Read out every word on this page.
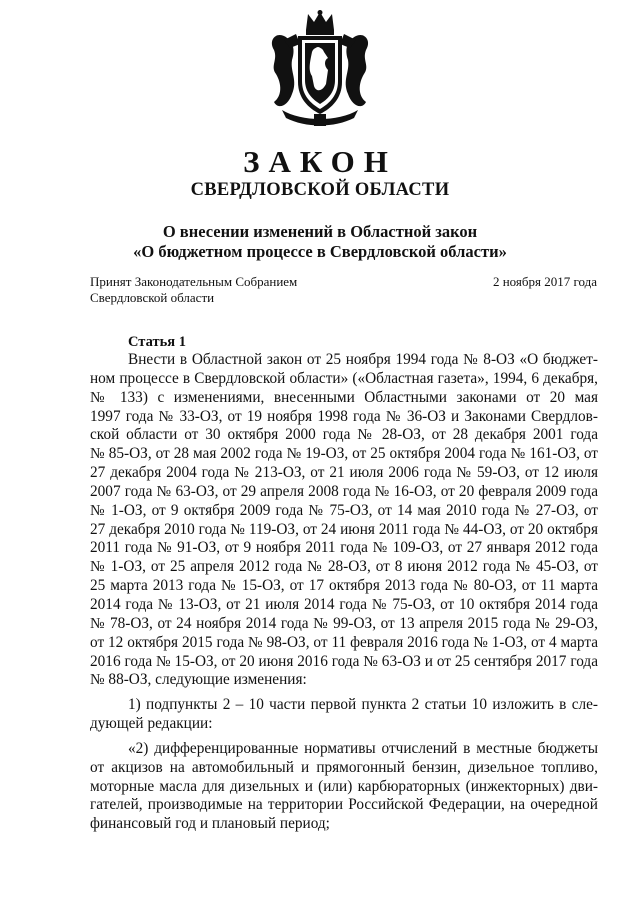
ЗАКОН
СВЕРДЛОВСКОЙ ОБЛАСТИ
О внесении изменений в Областной закон
«О бюджетном процессе в Свердловской области»
Принят Законодательным Собранием
Свердловской области
2 ноября 2017 года
Статья 1
Внести в Областной закон от 25 ноября 1994 года № 8-ОЗ «О бюджет-
ном процессе в Свердловской области» («Областная газета», 1994, 6 декабря,
№ 133) с изменениями, внесенными Областными законами от 20 мая
1997 года № 33-ОЗ, от 19 ноября 1998 года № 36-ОЗ и Законами Свердлов-
ской области от 30 октября 2000 года № 28-ОЗ, от 28 декабря 2001 года
№ 85-ОЗ, от 28 мая 2002 года № 19-ОЗ, от 25 октября 2004 года № 161-ОЗ, от
27 декабря 2004 года № 213-ОЗ, от 21 июля 2006 года № 59-ОЗ, от 12 июля
2007 года № 63-ОЗ, от 29 апреля 2008 года № 16-ОЗ, от 20 февраля 2009 года
№ 1-ОЗ, от 9 октября 2009 года № 75-ОЗ, от 14 мая 2010 года № 27-ОЗ, от
27 декабря 2010 года № 119-ОЗ, от 24 июня 2011 года № 44-ОЗ, от 20 октября
2011 года № 91-ОЗ, от 9 ноября 2011 года № 109-ОЗ, от 27 января 2012 года
№ 1-ОЗ, от 25 апреля 2012 года № 28-ОЗ, от 8 июня 2012 года № 45-ОЗ, от
25 марта 2013 года № 15-ОЗ, от 17 октября 2013 года № 80-ОЗ, от 11 марта
2014 года № 13-ОЗ, от 21 июля 2014 года № 75-ОЗ, от 10 октября 2014 года
№ 78-ОЗ, от 24 ноября 2014 года № 99-ОЗ, от 13 апреля 2015 года № 29-ОЗ,
от 12 октября 2015 года № 98-ОЗ, от 11 февраля 2016 года № 1-ОЗ, от 4 марта
2016 года № 15-ОЗ, от 20 июня 2016 года № 63-ОЗ и от 25 сентября 2017 года
№ 88-ОЗ, следующие изменения:
1) подпункты 2 – 10 части первой пункта 2 статьи 10 изложить в сле-
дующей редакции:
«2) дифференцированные нормативы отчислений в местные бюджеты
от акцизов на автомобильный и прямогонный бензин, дизельное топливо,
моторные масла для дизельных и (или) карбюраторных (инжекторных) дви-
гателей, производимые на территории Российской Федерации, на очередной
финансовый год и плановый период;
